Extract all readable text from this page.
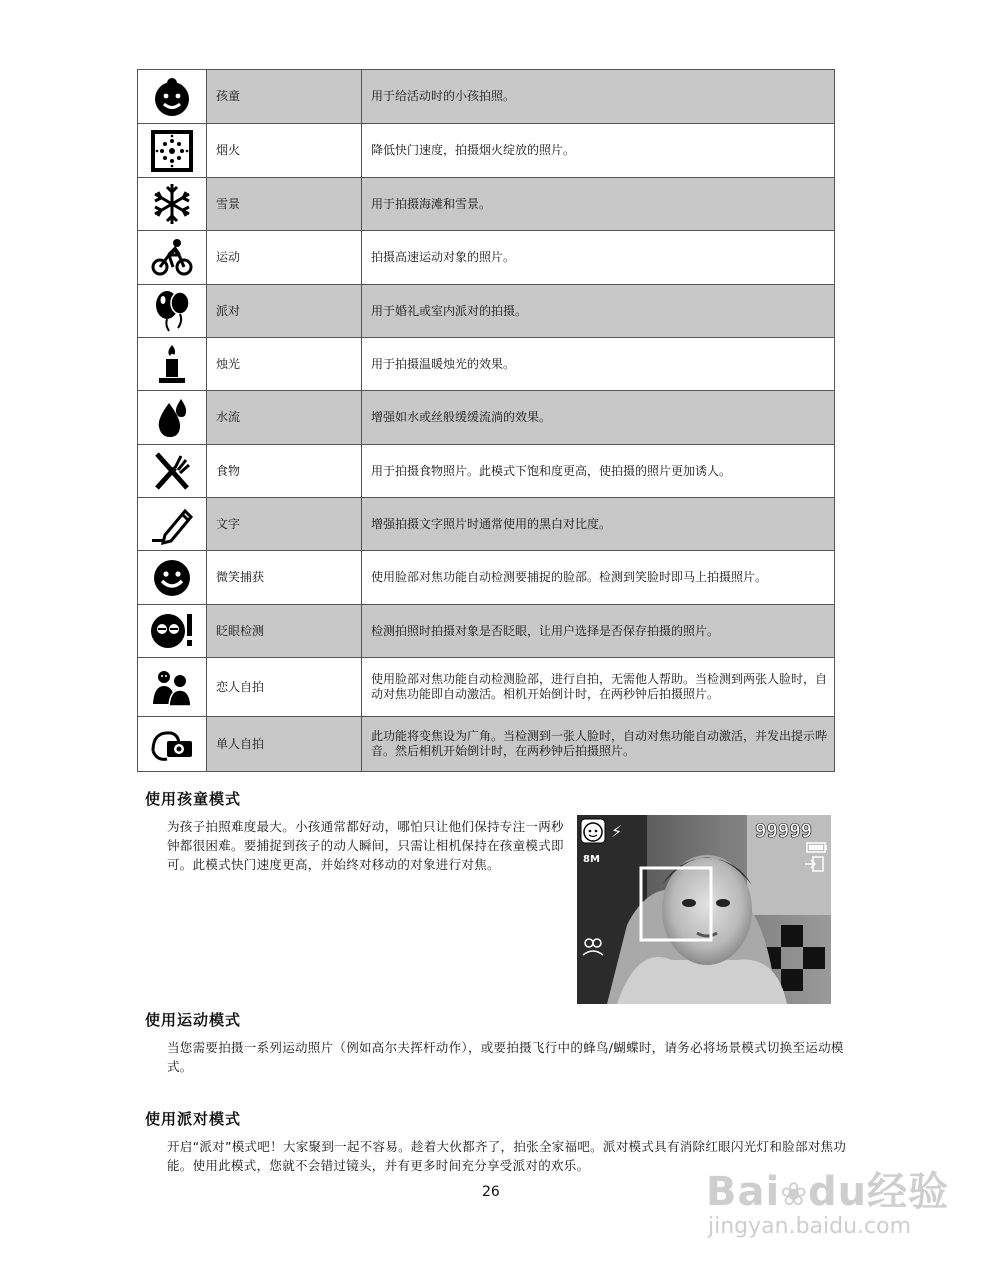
	孩童	用于给活动时的小孩拍照。

	烟火	降低快门速度，拍摄烟火绽放的照片。

	雪景	用于拍摄海滩和雪景。

	运动	拍摄高速运动对象的照片。

	派对	用于婚礼或室内派对的拍摄。

	烛光	用于拍摄温暖烛光的效果。

	水流	增强如水或丝般缓缓流淌的效果。

	食物	用于拍摄食物照片。此模式下饱和度更高，使拍摄的照片更加诱人。

	文字	增强拍摄文字照片时通常使用的黑白对比度。

	微笑捕获	使用脸部对焦功能自动检测要捕捉的脸部。检测到笑脸时即马上拍摄照片。

	眨眼检测	检测拍照时拍摄对象是否眨眼，让用户选择是否保存拍摄的照片。

	恋人自拍	使用脸部对焦功能自动检测脸部，进行自拍，无需他人帮助。当检测到两张人脸时，自动对焦功能即自动激活。相机开始倒计时，在两秒钟后拍摄照片。

	单人自拍	此功能将变焦设为广角。当检测到一张人脸时，自动对焦功能自动激活，并发出提示哔音。然后相机开始倒计时，在两秒钟后拍摄照片。
使用孩童模式
为孩子拍照难度最大。小孩通常都好动，哪怕只让他们保持专注一两秒钟都很困难。要捕捉到孩子的动人瞬间，只需让相机保持在孩童模式即可。此模式快门速度更高，并始终对移动的对象进行对焦。
⚡	99999
8M
使用运动模式
当您需要拍摄一系列运动照片（例如高尔夫挥杆动作），或要拍摄飞行中的蜂鸟/蝴蝶时，请务必将场景模式切换至运动模式。
使用派对模式
开启“派对”模式吧！大家聚到一起不容易。趁着大伙都齐了，拍张全家福吧。派对模式具有消除红眼闪光灯和脸部对焦功能。使用此模式，您就不会错过镜头，并有更多时间充分享受派对的欢乐。
26	Bai❀du经验
jingyan.baidu.com
